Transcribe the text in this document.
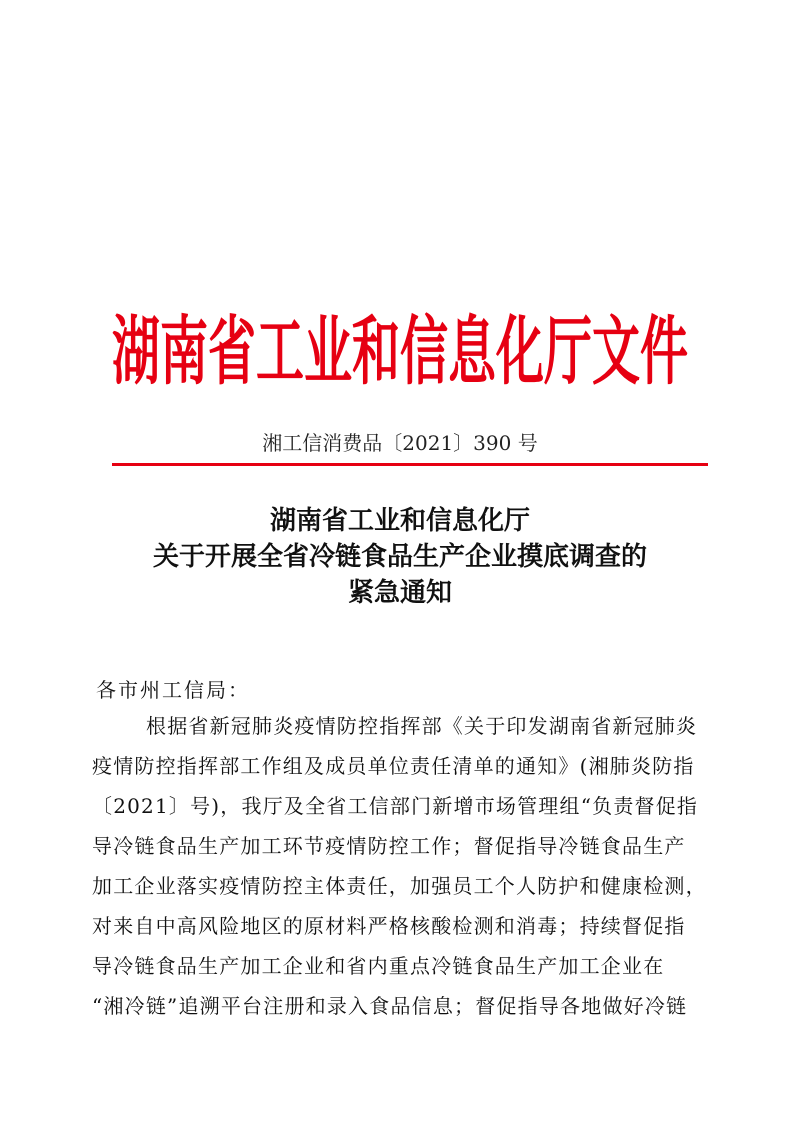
湖南省工业和信息化厅文件
湘工信消费品〔2021〕390 号
湖南省工业和信息化厅
关于开展全省冷链食品生产企业摸底调查的
紧急通知
各市州工信局：
根据省新冠肺炎疫情防控指挥部《关于印发湖南省新冠肺炎
疫情防控指挥部工作组及成员单位责任清单的通知》(湘肺炎防指
〔2021〕号)，我厅及全省工信部门新增市场管理组“负责督促指
导冷链食品生产加工环节疫情防控工作；督促指导冷链食品生产
加工企业落实疫情防控主体责任，加强员工个人防护和健康检测，
对来自中高风险地区的原材料严格核酸检测和消毒；持续督促指
导冷链食品生产加工企业和省内重点冷链食品生产加工企业在
“湘冷链”追溯平台注册和录入食品信息；督促指导各地做好冷链
